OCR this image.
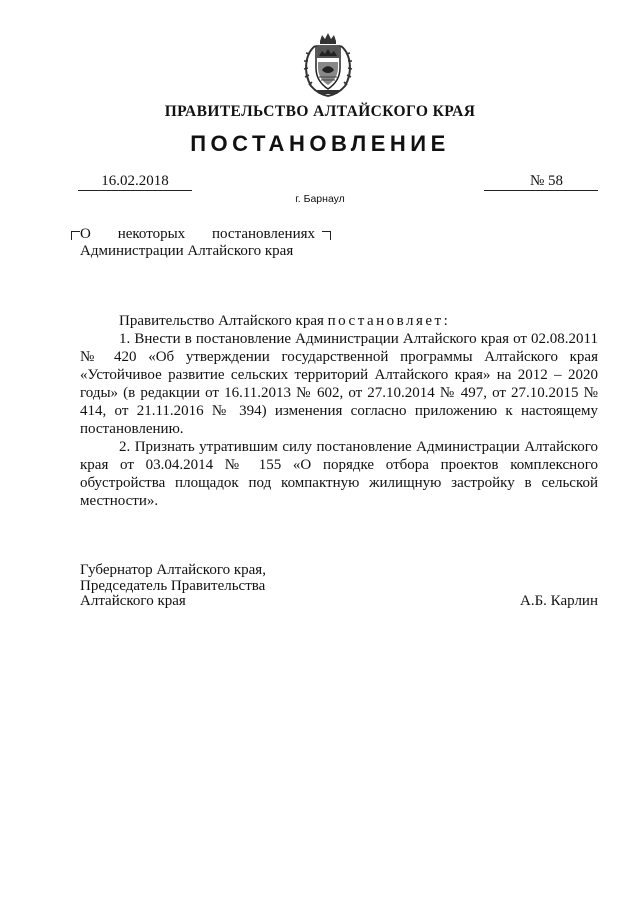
ПРАВИТЕЛЬСТВО АЛТАЙСКОГО КРАЯ
ПОСТАНОВЛЕНИЕ
16.02.2018	№ 58
г. Барнаул
О некоторых постановлениях
Администрации Алтайского края

Правительство Алтайского края постановляет:

1. Внести в постановление Администрации Алтайского края от 02.08.2011 № 420 «Об утверждении государственной программы Алтайского края «Устойчивое развитие сельских территорий Алтайского края» на 2012 – 2020 годы» (в редакции от 16.11.2013 № 602, от 27.10.2014 № 497, от 27.10.2015 № 414, от 21.11.2016 № 394) изменения согласно приложению к настоящему постановлению.

2. Признать утратившим силу постановление Администрации Алтайского края от 03.04.2014 № 155 «О порядке отбора проектов комплексного обустройства площадок под компактную жилищную застройку в сельской местности».

Губернатор Алтайского края,
Председатель Правительства
Алтайского края	А.Б. Карлин
